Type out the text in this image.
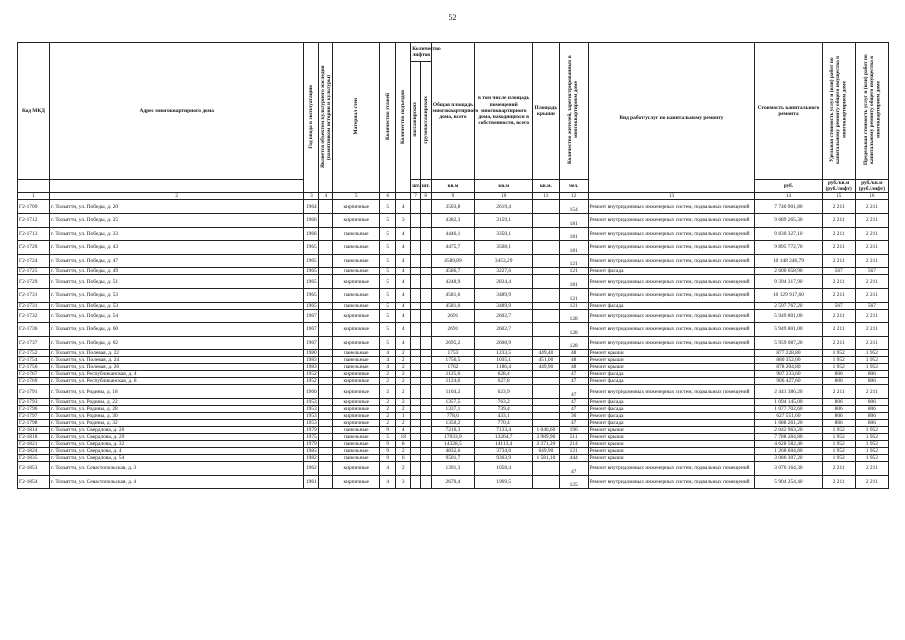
52
Код МКД	Адрес многоквартирного дома	Год ввода в эксплуатацию	Является объектом культурного наследия (памятником истории и культуры)	Материал стен	Количество этажей	Количество подъездов	Количество лифтов		Общая площадь многоквартирного дома, всего	в том числе площадь помещений многоквартирного дома, находящихся в собственности, всего	Площадь крыши	Количество жителей, зарегистрированных в многоквартирном доме	Вид работ/услуг по капитальному ремонту	Стоимость капитального ремонта	Удельная стоимость услуг и (или) работ по капитальному ремонту общего имущества в многоквартирном доме	Предельная стоимость услуг и (или) работ по капитальному ремонту общего имущества в многоквартирном доме
							пассажирских	грузопассажирских								
							шт.	шт.	кв.м	кв.м	кв.м.	чел.		руб.	руб./кв.м (руб./лифт)	руб./кв.м (руб./лифт)
1	2	3	4	5	6		7	8	9	10	11	12	13	14	15	16
Г2-1709	г. Тольятти, ул. Победы, д. 20	1964		кирпичные	5	4			3503,8	2619,4		154	Ремонт внутридомовых инженерных систем, подвальных помещений	7 746 901,80	2 211	2 211
Г2-1712	г. Тольятти, ул. Победы, д. 25	1966		кирпичные	5	3			4382,3	3159,1		181	Ремонт внутридомовых инженерных систем, подвальных помещений	9 689 265,30	2 211	2 211
Г2-1713	г. Тольятти, ул. Победы, д. 33	1966		панельные	5	4			4446,1	3350,1		181	Ремонт внутридомовых инженерных систем, подвальных помещений	9 830 327,10	2 211	2 211
Г2-1720	г. Тольятти, ул. Победы, д. 43	1965		панельные	5	4			4475,7	3508,1		181	Ремонт внутридомовых инженерных систем, подвальных помещений	9 895 772,70	2 211	2 211
Г2-1724	г. Тольятти, ул. Победы, д. 47	1965		панельные	5	4			4589,89	3453,29		121	Ремонт внутридомовых инженерных систем, подвальных помещений	10 148 246,79	2 211	2 211
Г2-1725	г. Тольятти, ул. Победы, д. 49	1965		панельные	5	4			4586,7	3227,6		121	Ремонт фасада	2 600 658,90	567	567
Г2-1729	г. Тольятти, ул. Победы, д. 51	1965		кирпичные	5	4			4248,9	2834,4		181	Ремонт внутридомовых инженерных систем, подвальных помещений	9 394 317,90	2 211	2 211
Г2-1731	г. Тольятти, ул. Победы, д. 53	1965		панельные	5	4			4581,6	3489,9		121	Ремонт внутридомовых инженерных систем, подвальных помещений	10 129 917,60	2 211	2 211
Г2-1731	г. Тольятти, ул. Победы, д. 53	1965		панельные	5	4			4581,6	3489,9		121	Ремонт фасада	2 597 767,20	567	567
Г2-1732	г. Тольятти, ул. Победы, д. 54	1967		кирпичные	5	4			2691	2602,7		128	Ремонт внутридомовых инженерных систем, подвальных помещений	5 949 801,00	2 211	2 211
Г2-1736	г. Тольятти, ул. Победы, д. 60	1967		кирпичные	5	4			2691	2602,7		128	Ремонт внутридомовых инженерных систем, подвальных помещений	5 949 801,00	2 211	2 211
Г2-1737	г. Тольятти, ул. Победы, д. 62	1967		кирпичные	5	4			2695,2	2608,9		128	Ремонт внутридомовых инженерных систем, подвальных помещений	5 959 087,20	2 211	2 211
Г2-1752	г. Тольятти, ул. Полевая, д. 22	1980		панельные	4	2			1753	1233,5	449,40	48	Ремонт крыши	877 228,80	1 952	1 952
Г2-1754	г. Тольятти, ул. Полевая, д. 24	1983		панельные	4	2			1756,5	1035,1	451,00	48	Ремонт крыши	880 352,00	1 952	1 952
Г2-1756	г. Тольятти, ул. Полевая, д. 26	1983		панельные	4	2			1762	1186,4	449,90	48	Ремонт крыши	878 204,80	1 952	1 952
Г2-1767	г. Тольятти, ул. Республиканская, д. 4	1952		кирпичные	2	2			1125,6	628,4		47	Ремонт фасада	907 233,60	806	806
Г2-1769	г. Тольятти, ул. Республиканская, д. 8	1952		кирпичные	2	2			1124,6	627,8		47	Ремонт фасада	906 427,60	806	806
Г2-1791	г. Тольятти, ул. Родины, д. 18	1960		кирпичные	2	2			1104,2	623,9		47	Ремонт внутридомовых инженерных систем, подвальных помещений	2 441 386,20	2 211	2 211
Г2-1793	г. Тольятти, ул. Родины, д. 22	1953		кирпичные	2	2			1357,5	763,2		47	Ремонт фасада	1 094 145,00	806	806
Г2-1796	г. Тольятти, ул. Родины, д. 28	1953		кирпичные	2	2			1337,1	739,4		47	Ремонт фасада	1 077 702,60	806	806
Г2-1797	г. Тольятти, ул. Родины, д. 30	1953		кирпичные	2	1			778,6	433,1		36	Ремонт фасада	627 551,60	806	806
Г2-1798	г. Тольятти, ул. Родины, д. 32	1953		кирпичные	2	2			1350,2	770,4		47	Ремонт фасада	1 088 261,20	806	806
Г2-1814	г. Тольятти, ул. Свердлова, д. 20	1979		панельные	9	4			7216,3	7133,4	1 046,60	196	Ремонт крыши	2 042 963,20	1 952	1 952
Г2-1818	г. Тольятти, ул. Свердлова, д. 29	1975		панельные	5	18			17033,9	13264,7	3 989,90	511	Ремонт крыши	7 788 284,80	1 952	1 952
Г2-1821	г. Тольятти, ул. Свердлова, д. 32	1979		панельные	9	8			14328,5	14113,4	2 371,20	214	Ремонт крыши	4 628 582,40	1 952	1 952
Г2-1824	г. Тольятти, ул. Свердлова, д. 4	1983		панельные	9	2			4832,6	3734,6	649,90	121	Ремонт крыши	1 268 604,80	1 952	1 952
Г2-1835	г. Тольятти, ул. Свердлова, д. 54	1982		панельные	9	6			9501,7	9363,9	1 581,10	444	Ремонт крыши	3 086 307,20	1 952	1 952
Г2-1853	г. Тольятти, ул. Севастопольская, д. 3	1962		кирпичные	4	2			1391,3	1058,4		47	Ремонт внутридомовых инженерных систем, подвальных помещений	3 076 164,30	2 211	2 211
Г2-1854	г. Тольятти, ул. Севастопольская, д. 4	1961		кирпичные	4	3			2670,4	1969,5		125	Ремонт внутридомовых инженерных систем, подвальных помещений	5 904 254,40	2 211	2 211
